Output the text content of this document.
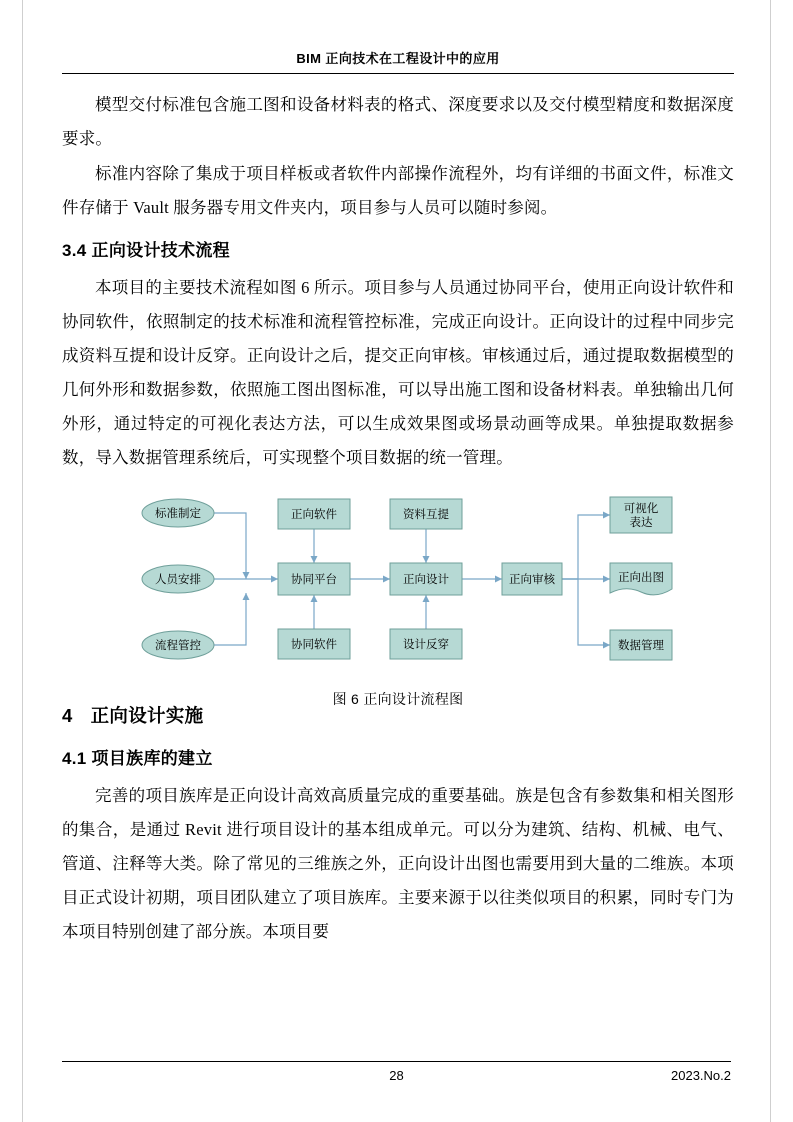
BIM 正向技术在工程设计中的应用

模型交付标准包含施工图和设备材料表的格式、深度要求以及交付模型精度和数据深度要求。

标准内容除了集成于项目样板或者软件内部操作流程外，均有详细的书面文件，标准文件存储于 Vault 服务器专用文件夹内，项目参与人员可以随时参阅。

3.4 正向设计技术流程

本项目的主要技术流程如图 6 所示。项目参与人员通过协同平台，使用正向设计软件和协同软件，依照制定的技术标准和流程管控标准，完成正向设计。正向设计的过程中同步完成资料互提和设计反穿。正向设计之后，提交正向审核。审核通过后，通过提取数据模型的几何外形和数据参数，依照施工图出图标准，可以导出施工图和设备材料表。单独输出几何外形，通过特定的可视化表达方法，可以生成效果图或场景动画等成果。单独提取数据参数，导入数据管理系统后，可实现整个项目数据的统一管理。

标准制定
人员安排
流程管控
正向软件
协同平台
协同软件
资料互提
正向设计
设计反穿
正向审核
可视化
表达
正向出图
数据管理
图 6 正向设计流程图
4 正向设计实施
4.1 项目族库的建立

完善的项目族库是正向设计高效高质量完成的重要基础。族是包含有参数集和相关图形的集合，是通过 Revit 进行项目设计的基本组成单元。可以分为建筑、结构、机械、电气、管道、注释等大类。除了常见的三维族之外，正向设计出图也需要用到大量的二维族。本项目正式设计初期，项目团队建立了项目族库。主要来源于以往类似项目的积累，同时专门为本项目特别创建了部分族。本项目要

28	2023.No.2
